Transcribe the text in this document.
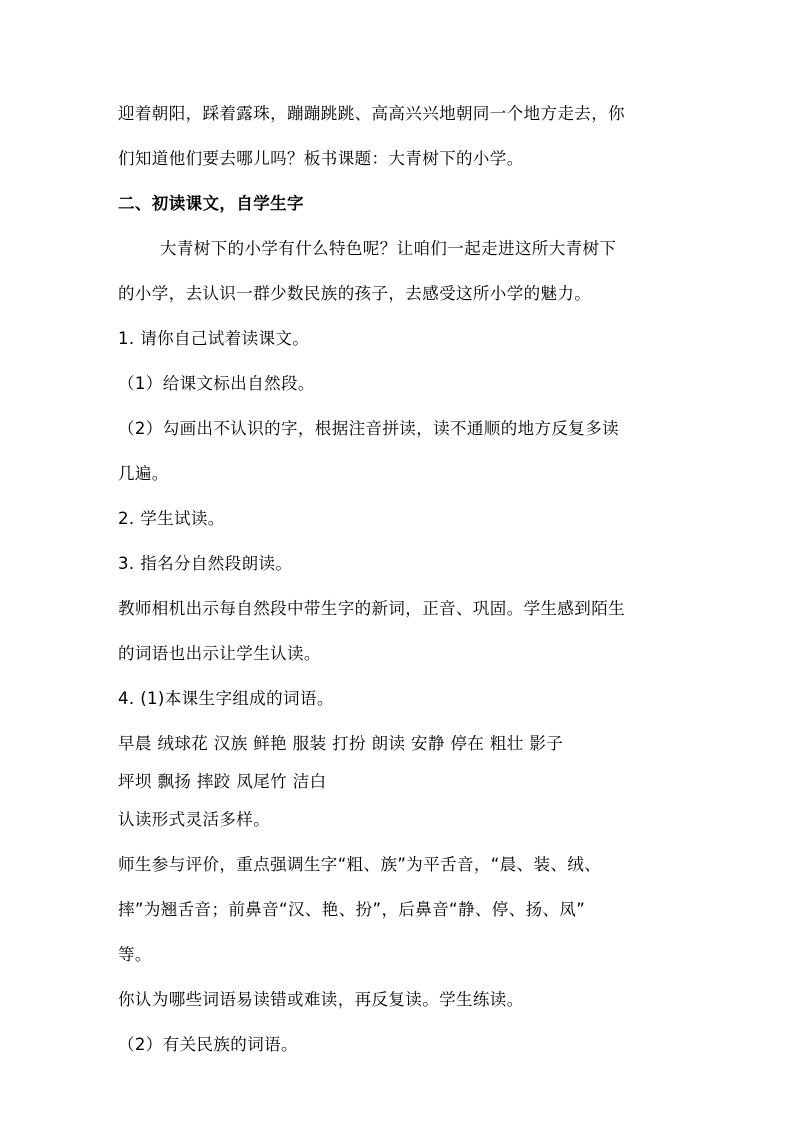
迎着朝阳，踩着露珠，蹦蹦跳跳、高高兴兴地朝同一个地方走去，你
们知道他们要去哪儿吗？板书课题：大青树下的小学。
二、初读课文，自学生字
大青树下的小学有什么特色呢？让咱们一起走进这所大青树下
的小学，去认识一群少数民族的孩子，去感受这所小学的魅力。
1. 请你自己试着读课文。
（1）给课文标出自然段。
（2）勾画出不认识的字，根据注音拼读，读不通顺的地方反复多读
几遍。
2. 学生试读。
3. 指名分自然段朗读。
教师相机出示每自然段中带生字的新词，正音、巩固。学生感到陌生
的词语也出示让学生认读。
4. (1)本课生字组成的词语。
早晨 绒球花 汉族 鲜艳 服装 打扮 朗读 安静 停在 粗壮 影子
坪坝 飘扬 摔跤 凤尾竹 洁白
认读形式灵活多样。
师生参与评价，重点强调生字“粗、族”为平舌音，“晨、装、绒、
摔”为翘舌音；前鼻音“汉、艳、扮”，后鼻音“静、停、扬、凤”
等。
你认为哪些词语易读错或难读，再反复读。学生练读。
（2）有关民族的词语。
